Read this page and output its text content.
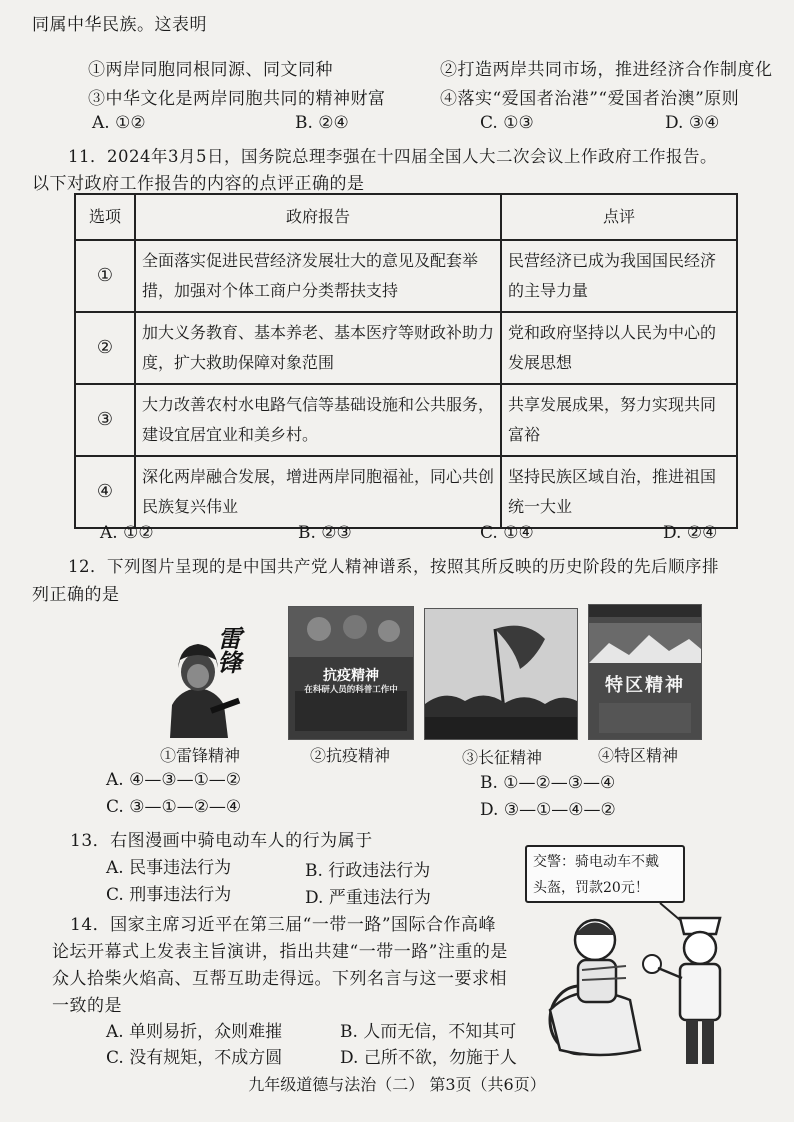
同属中华民族。这表明
①两岸同胞同根同源、同文同种	②打造两岸共同市场，推进经济合作制度化
③中华文化是两岸同胞共同的精神财富	④落实“爱国者治港”“爱国者治澳”原则
A. ①②	B. ②④	C. ①③	D. ③④
11．2024年3月5日，国务院总理李强在十四届全国人大二次会议上作政府工作报告。
以下对政府工作报告的内容的点评正确的是
选项	政府报告	点评
①	全面落实促进民营经济发展壮大的意见及配套举措，加强对个体工商户分类帮扶支持	民营经济已成为我国国民经济的主导力量
②	加大义务教育、基本养老、基本医疗等财政补助力度，扩大救助保障对象范围	党和政府坚持以人民为中心的发展思想
③	大力改善农村水电路气信等基础设施和公共服务，建设宜居宜业和美乡村。	共享发展成果，努力实现共同富裕
④	深化两岸融合发展，增进两岸同胞福祉，同心共创民族复兴伟业	坚持民族区域自治，推进祖国统一大业
A. ①②	B. ②③	C. ①④	D. ②④
12．下列图片呈现的是中国共产党人精神谱系，按照其所反映的历史阶段的先后顺序排
列正确的是
雷锋
抗疫精神
在科研人员的科普工作中	特区精神
①雷锋精神	②抗疫精神	③长征精神	④特区精神
A. ④—③—①—②	B. ①—②—③—④
C. ③—①—②—④	D. ③—①—④—②
13．右图漫画中骑电动车人的行为属于
A. 民事违法行为	B. 行政违法行为
C. 刑事违法行为	D. 严重违法行为
14．国家主席习近平在第三届“一带一路”国际合作高峰
论坛开幕式上发表主旨演讲，指出共建“一带一路”注重的是
众人拾柴火焰高、互帮互助走得远。下列名言与这一要求相
一致的是
A. 单则易折，众则难摧	B. 人而无信，不知其可
C. 没有规矩，不成方圆	D. 己所不欲，勿施于人
交警：骑电动车不戴
头盔，罚款20元！
九年级道德与法治（二） 第3页（共6页）
